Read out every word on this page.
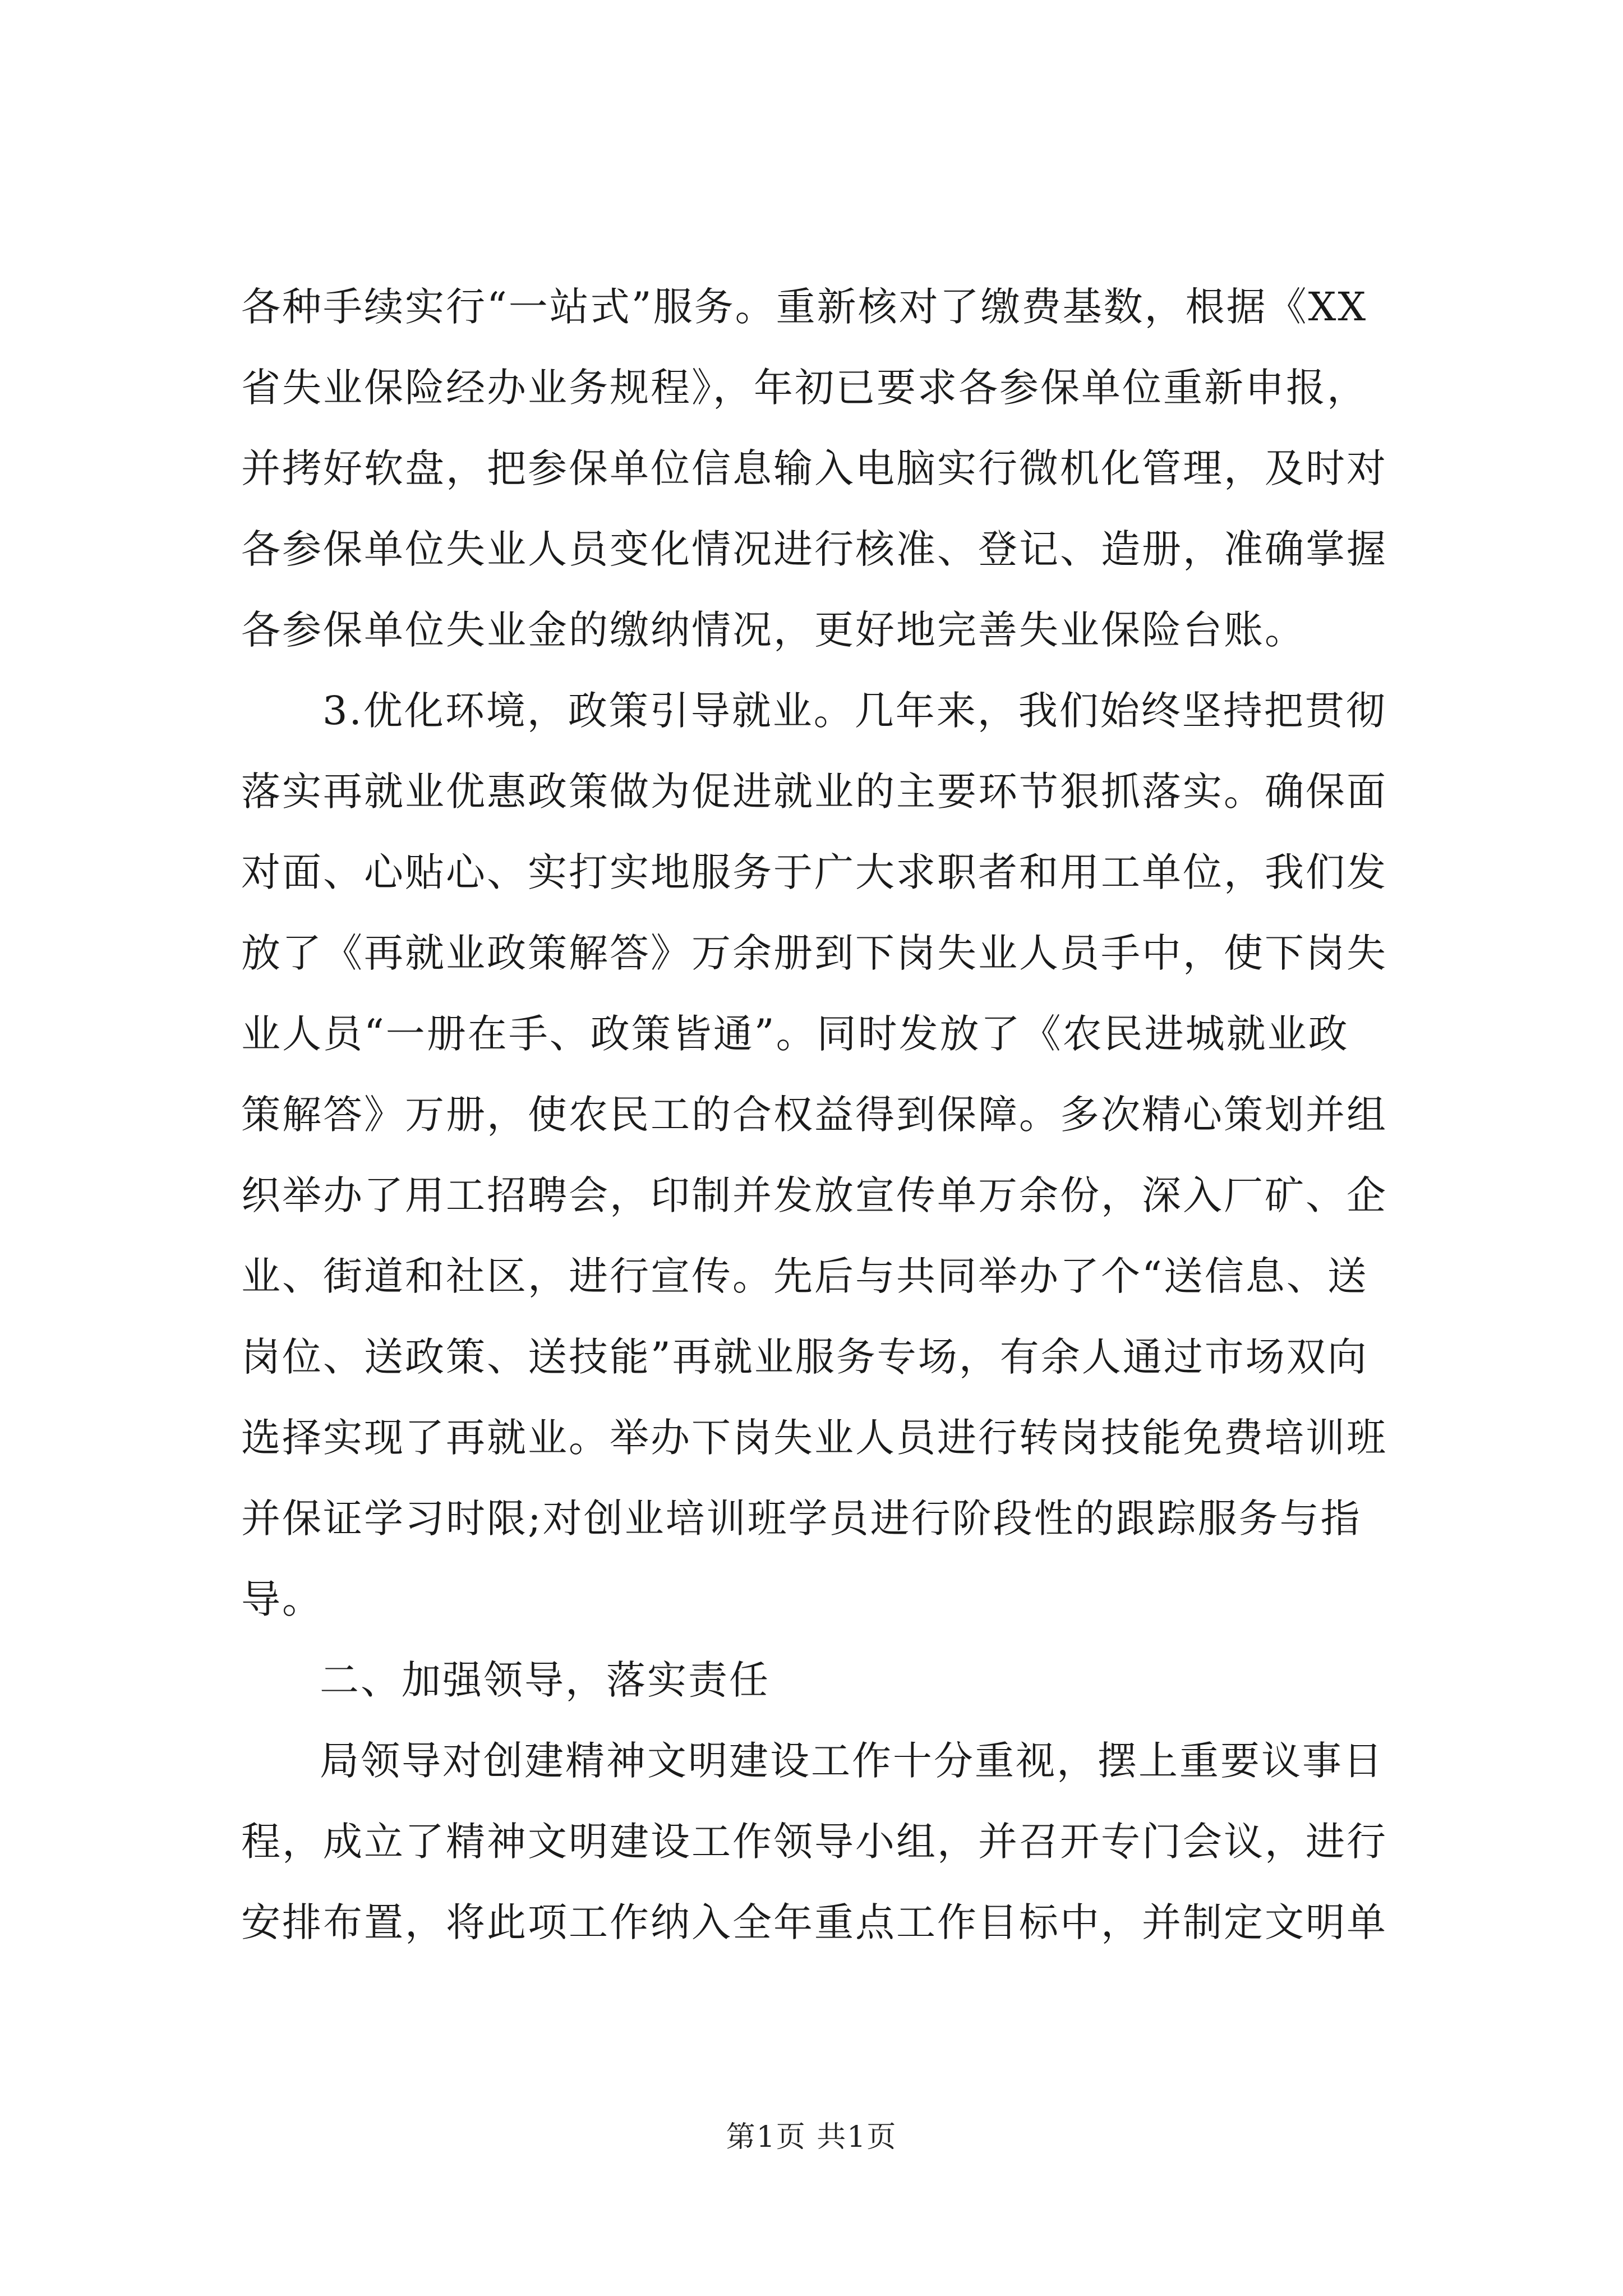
各种手续实行“一站式”服务。重新核对了缴费基数，根据《XX
省失业保险经办业务规程》，年初已要求各参保单位重新申报，
并拷好软盘，把参保单位信息输入电脑实行微机化管理，及时对
各参保单位失业人员变化情况进行核准、登记、造册，准确掌握
各参保单位失业金的缴纳情况，更好地完善失业保险台账。
3.优化环境，政策引导就业。几年来，我们始终坚持把贯彻
落实再就业优惠政策做为促进就业的主要环节狠抓落实。确保面
对面、心贴心、实打实地服务于广大求职者和用工单位，我们发
放了《再就业政策解答》万余册到下岗失业人员手中，使下岗失
业人员“一册在手、政策皆通”。同时发放了《农民进城就业政
策解答》万册，使农民工的合权益得到保障。多次精心策划并组
织举办了用工招聘会，印制并发放宣传单万余份，深入厂矿、企
业、街道和社区，进行宣传。先后与共同举办了个“送信息、送
岗位、送政策、送技能”再就业服务专场，有余人通过市场双向
选择实现了再就业。举办下岗失业人员进行转岗技能免费培训班
并保证学习时限;对创业培训班学员进行阶段性的跟踪服务与指
导。
二、加强领导，落实责任
局领导对创建精神文明建设工作十分重视，摆上重要议事日
程，成立了精神文明建设工作领导小组，并召开专门会议，进行
安排布置，将此项工作纳入全年重点工作目标中，并制定文明单
第1页 共1页
